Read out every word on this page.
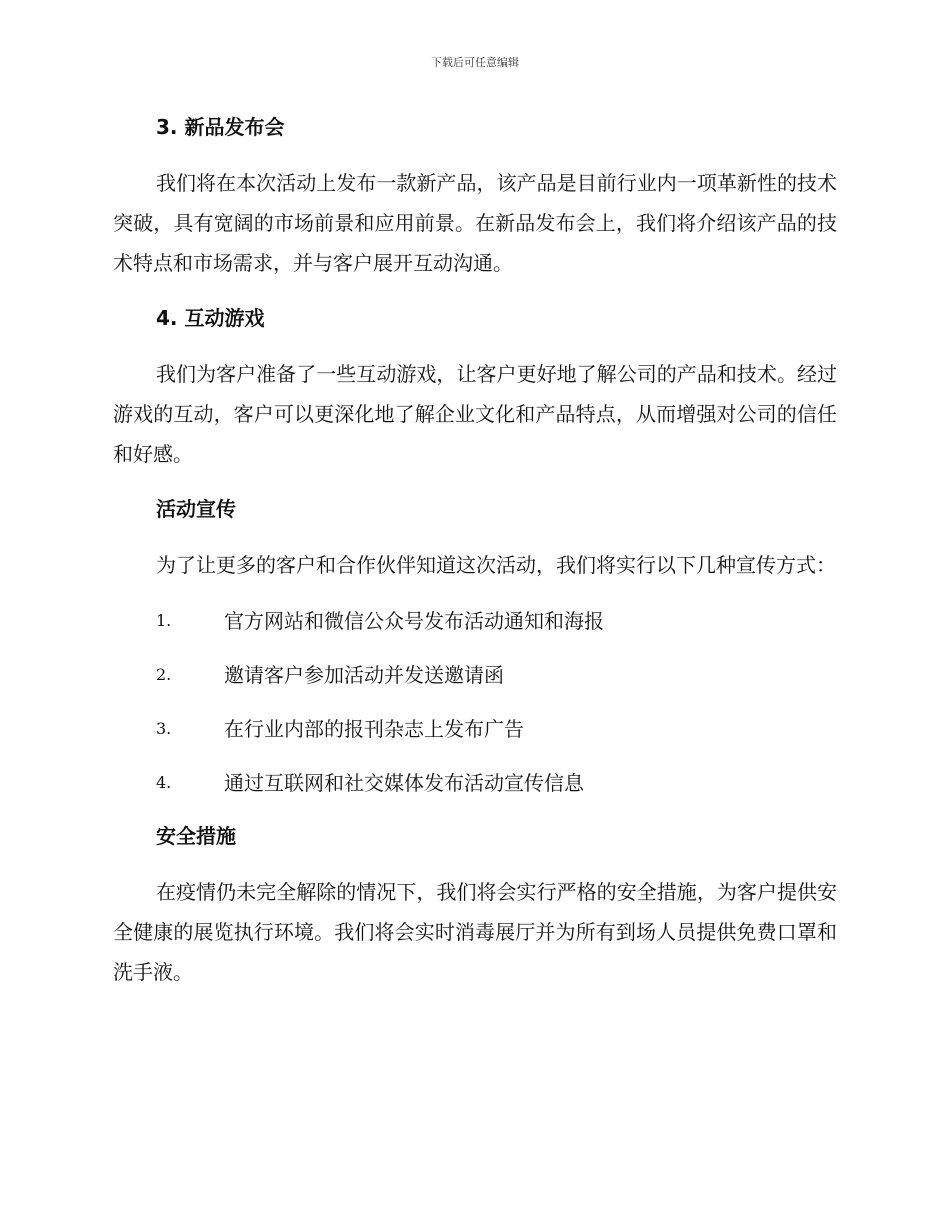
下载后可任意编辑
3. 新品发布会

我们将在本次活动上发布一款新产品，该产品是目前行业内一项革新性的技术突破，具有宽阔的市场前景和应用前景。在新品发布会上，我们将介绍该产品的技术特点和市场需求，并与客户展开互动沟通。

4. 互动游戏

我们为客户准备了一些互动游戏，让客户更好地了解公司的产品和技术。经过游戏的互动，客户可以更深化地了解企业文化和产品特点，从而增强对公司的信任和好感。

活动宣传

为了让更多的客户和合作伙伴知道这次活动，我们将实行以下几种宣传方式：

1.	官方网站和微信公众号发布活动通知和海报
2.	邀请客户参加活动并发送邀请函
3.	在行业内部的报刊杂志上发布广告
4.	通过互联网和社交媒体发布活动宣传信息
安全措施

在疫情仍未完全解除的情况下，我们将会实行严格的安全措施，为客户提供安全健康的展览执行环境。我们将会实时消毒展厅并为所有到场人员提供免费口罩和洗手液。
